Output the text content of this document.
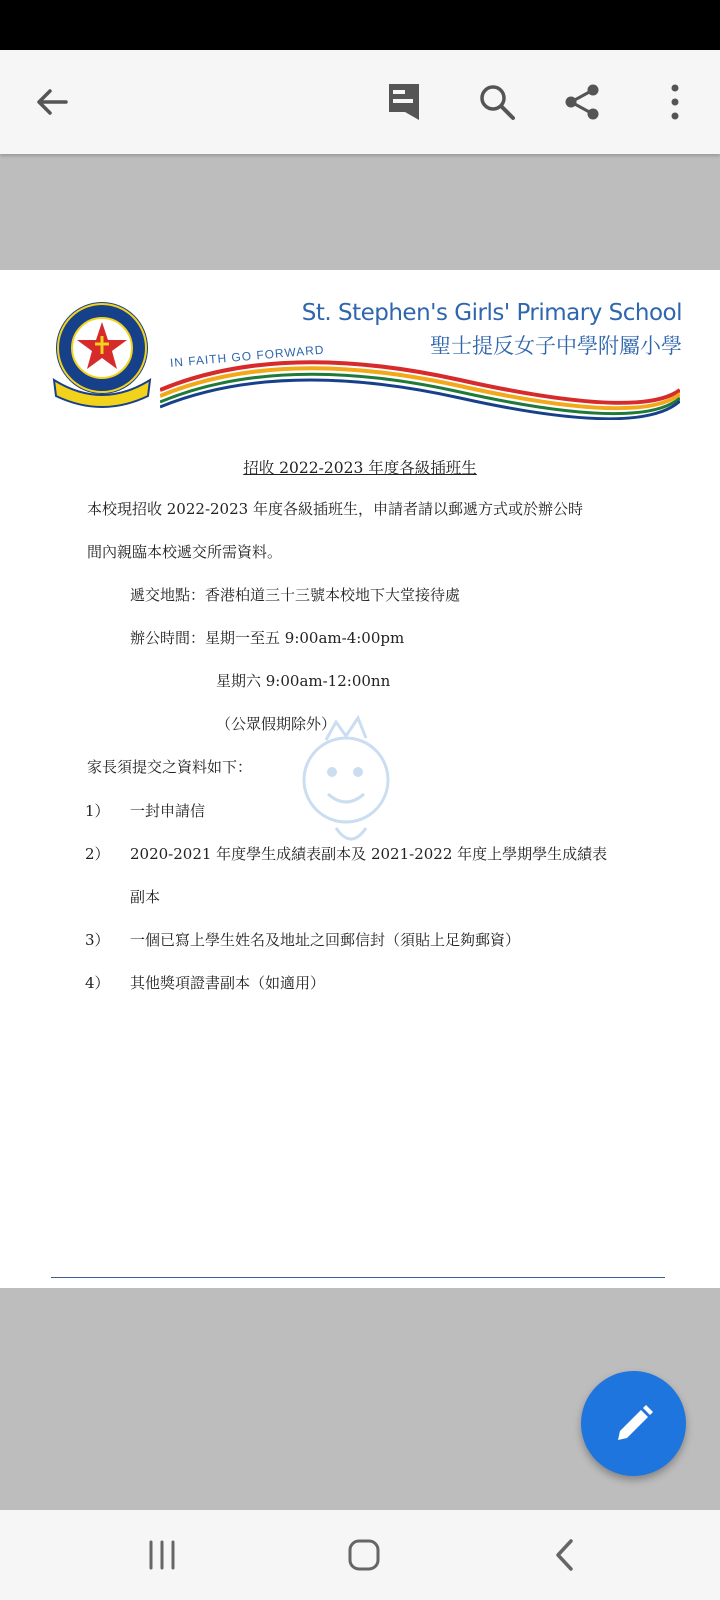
St. Stephen's Girls' Primary School
聖士提反女子中學附屬小學
IN FAITH GO FORWARD
招收 2022-2023 年度各級插班生
本校現招收 2022-2023 年度各級插班生，申請者請以郵遞方式或於辦公時
間內親臨本校遞交所需資料。
遞交地點：香港柏道三十三號本校地下大堂接待處
辦公時間：星期一至五 9:00am-4:00pm
星期六 9:00am-12:00nn
（公眾假期除外）
家長須提交之資料如下：
1） 一封申請信
2） 2020-2021 年度學生成績表副本及 2021-2022 年度上學期學生成績表
副本
3） 一個已寫上學生姓名及地址之回郵信封（須貼上足夠郵資）
4） 其他獎項證書副本（如適用）
